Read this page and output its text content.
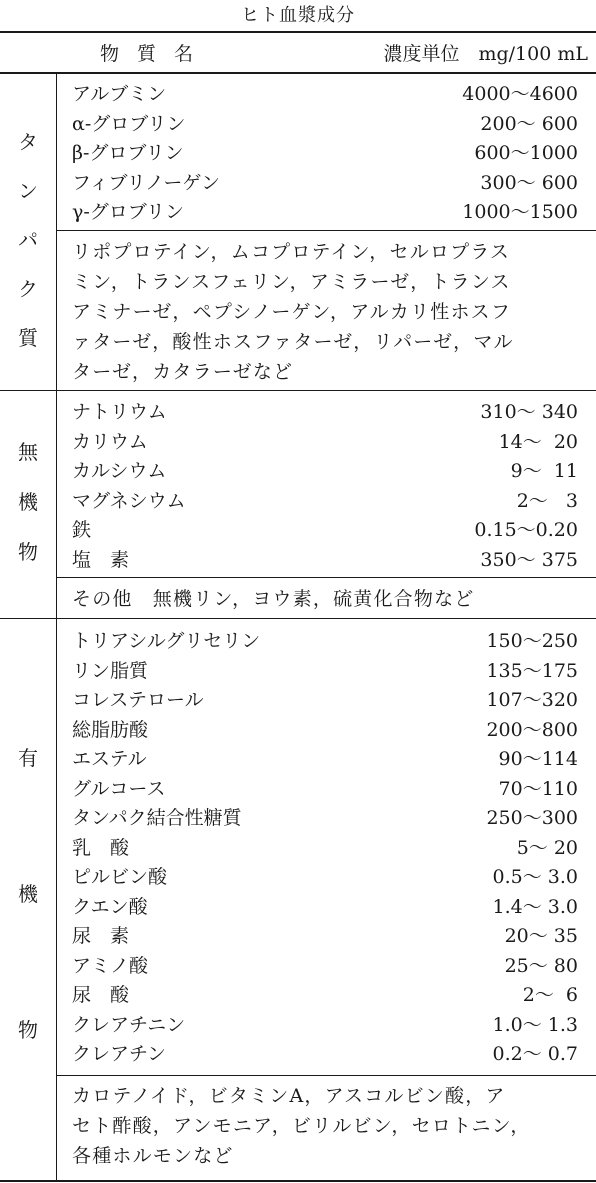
ヒト血漿成分
物質名	濃度単位　mg/100 mL
タ
ン
パ
ク
質
アルブミン	4000〜4600
α-グロブリン	200〜 600
β-グロブリン	600〜1000
フィブリノーゲン	300〜 600
γ-グロブリン	1000〜1500
リポプロテイン，ムコプロテイン，セルロプラス
ミン，トランスフェリン，アミラーゼ，トランス
アミナーゼ，ペプシノーゲン，アルカリ性ホスフ
ァターゼ，酸性ホスファターゼ，リパーゼ，マル
ターゼ，カタラーゼなど
無
機
物
ナトリウム	310〜 340
カリウム	14〜  20
カルシウム	9〜  11
マグネシウム	2〜   3
鉄	0.15〜0.20
塩　素	350〜 375
その他　無機リン，ヨウ素，硫黄化合物など
有
機
物
トリアシルグリセリン	150〜250
リン脂質	135〜175
コレステロール	107〜320
総脂肪酸	200〜800
エステル	90〜114
グルコース	70〜110
タンパク結合性糖質	250〜300
乳　酸	5〜 20
ピルビン酸	0.5〜 3.0
クエン酸	1.4〜 3.0
尿　素	20〜 35
アミノ酸	25〜 80
尿　酸	2〜  6
クレアチニン	1.0〜 1.3
クレアチン	0.2〜 0.7
カロテノイド，ビタミンA，アスコルビン酸，ア
セト酢酸，アンモニア，ビリルビン，セロトニン，
各種ホルモンなど
